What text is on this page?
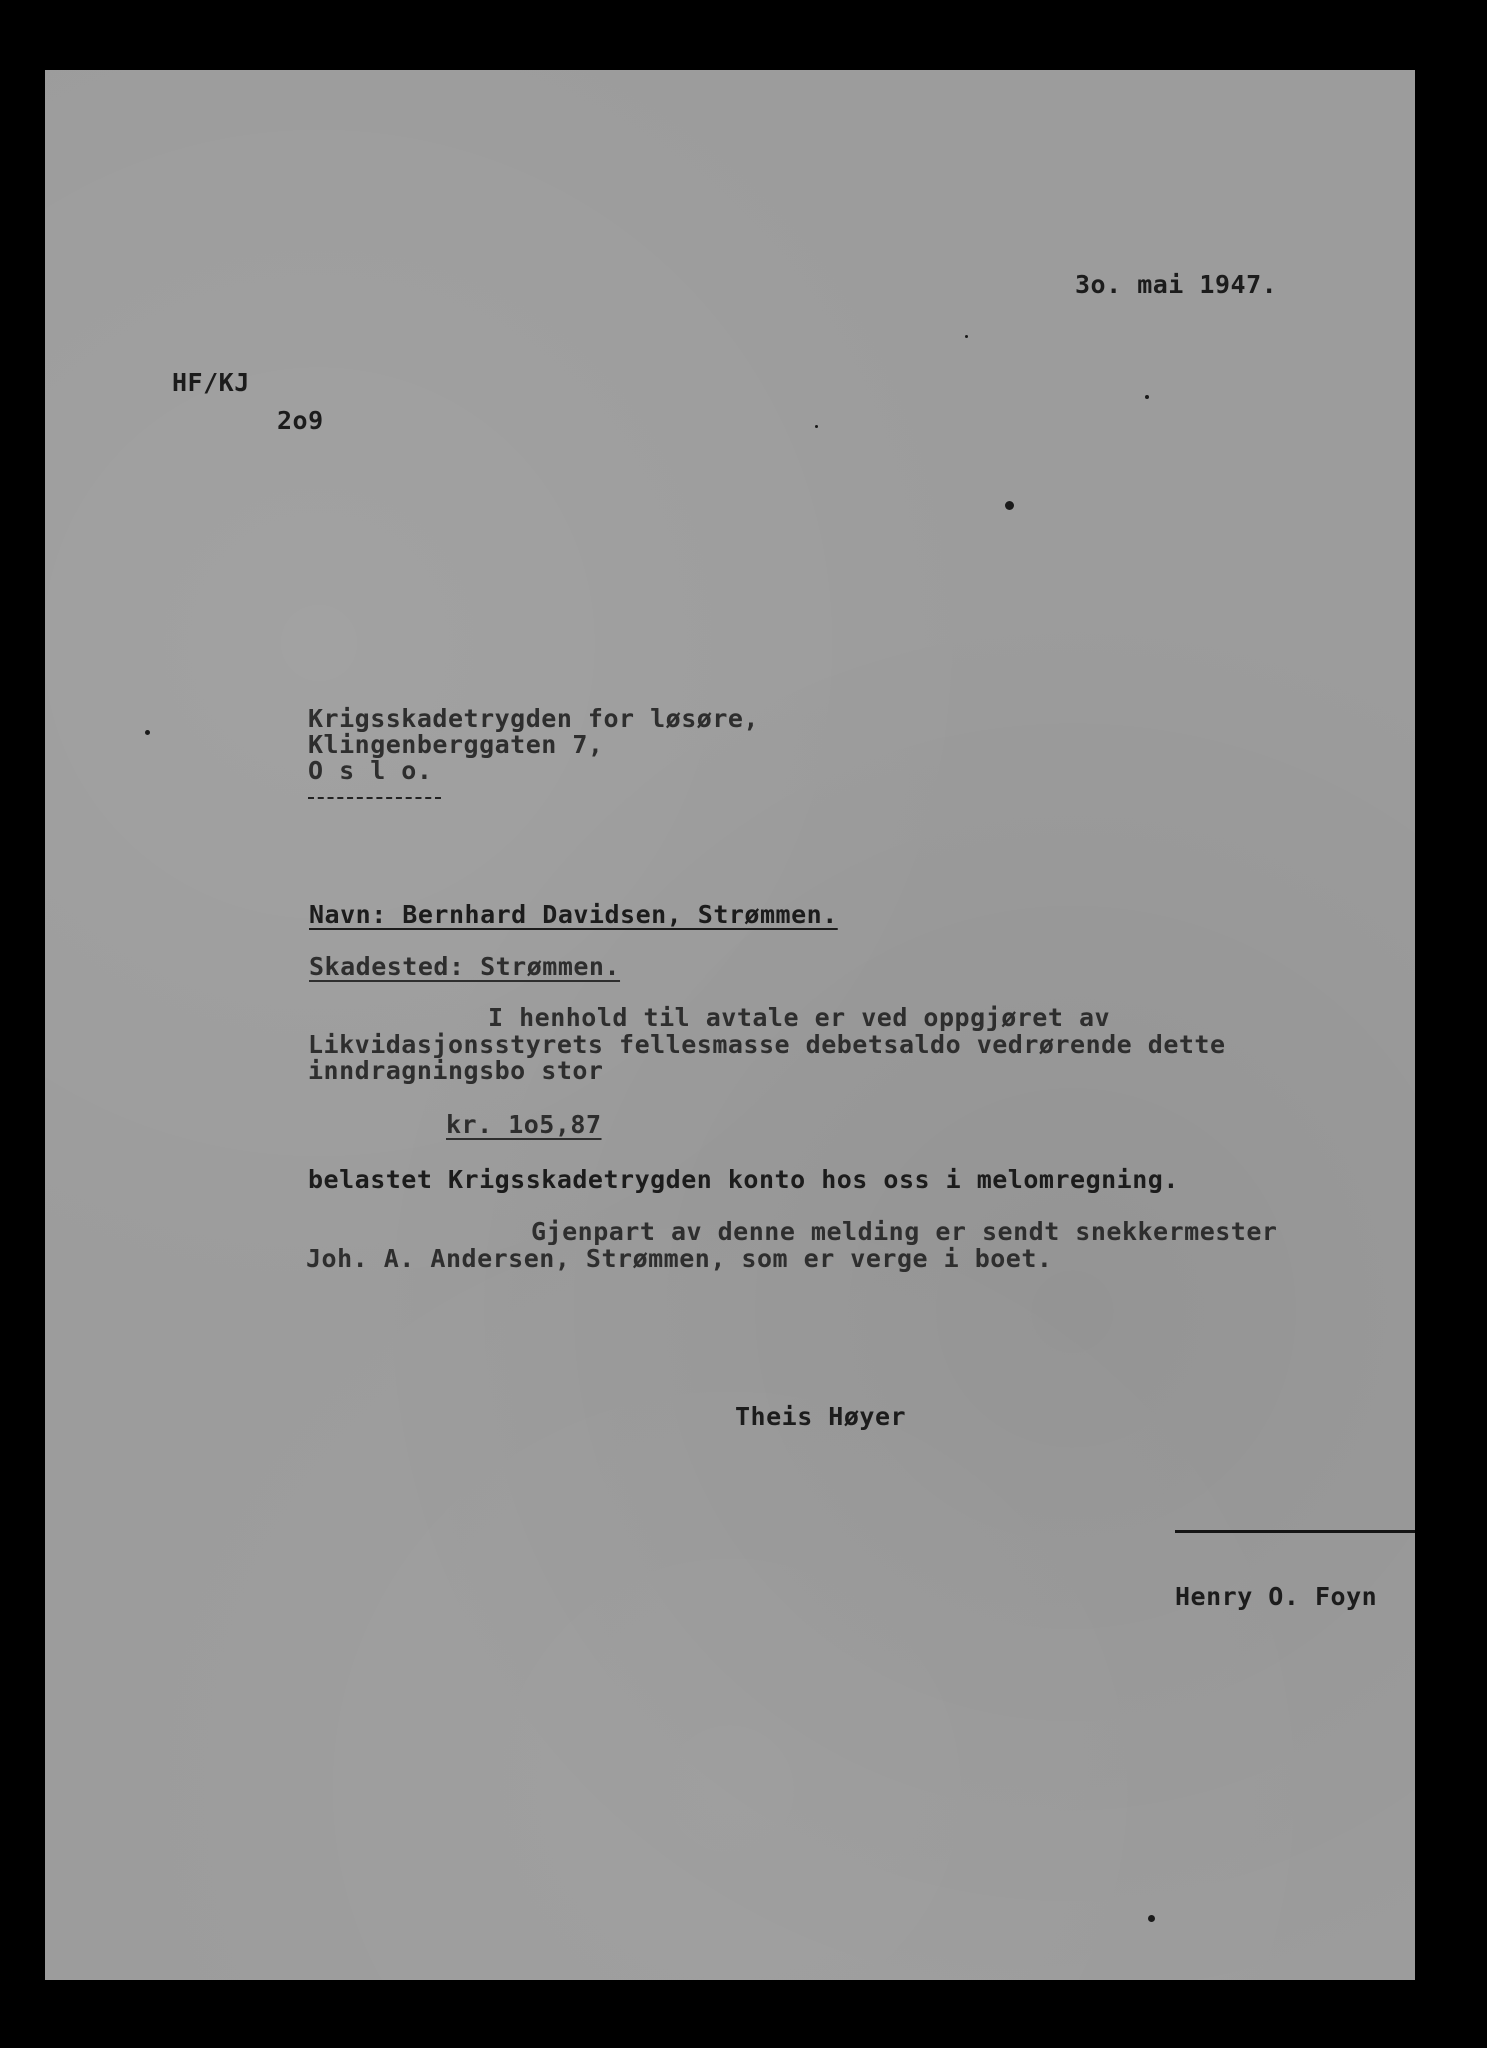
3o. mai 1947.
HF/KJ
2o9
Krigsskadetrygden for løsøre,
Klingenberggaten 7,
O s l o.
Navn: Bernhard Davidsen, Strømmen.
Skadested: Strømmen.
I henhold til avtale er ved oppgjøret av
Likvidasjonsstyrets fellesmasse debetsaldo vedrørende dette
inndragningsbo stor
kr. 1o5,87
belastet Krigsskadetrygden konto hos oss i melomregning.
Gjenpart av denne melding er sendt snekkermester
Joh. A. Andersen, Strømmen, som er verge i boet.
Theis Høyer
Henry O. Foyn
